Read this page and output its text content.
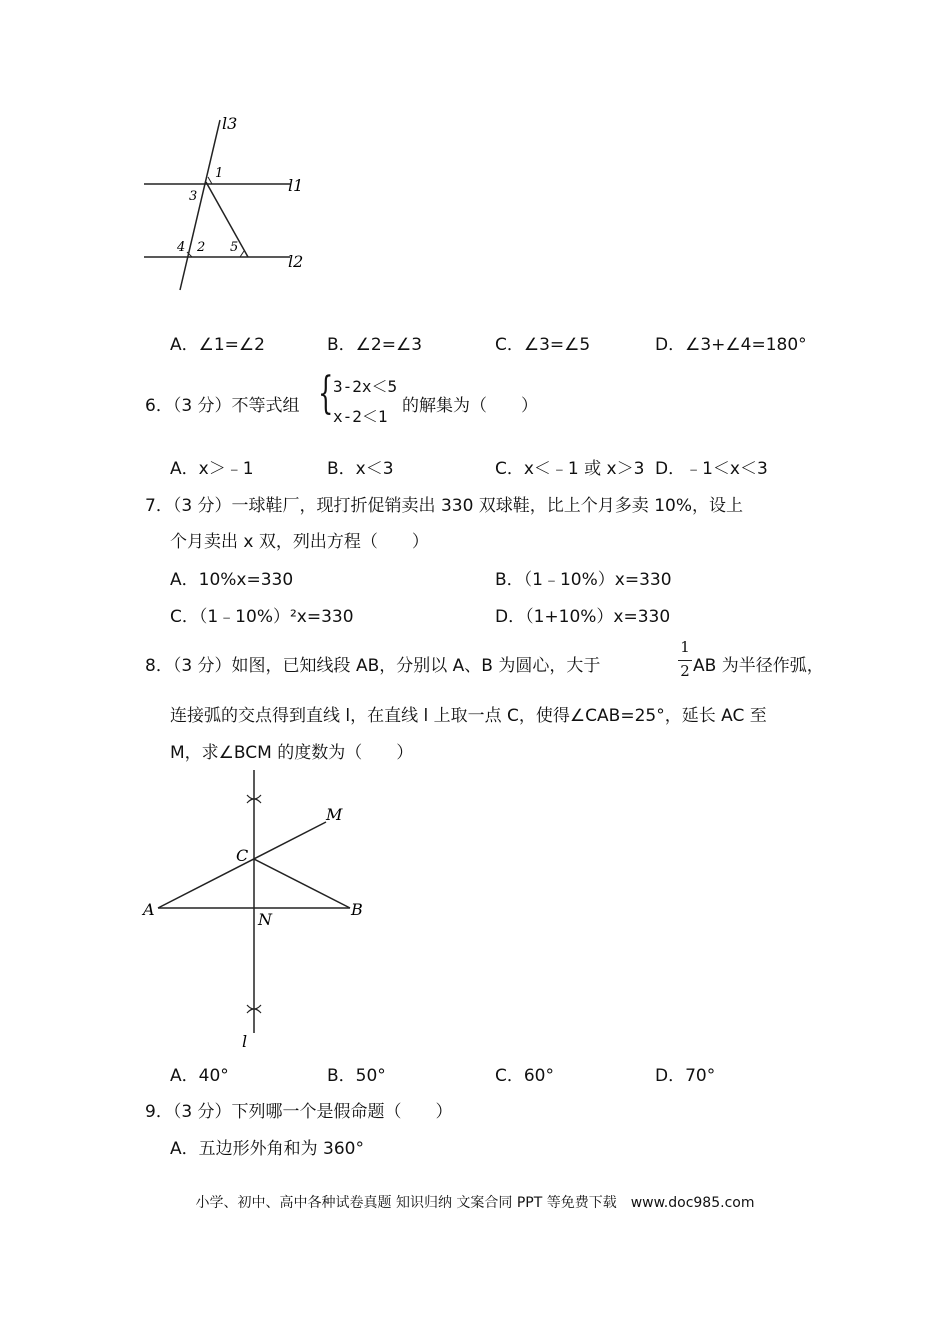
l3
l1
l2
1
3
4 2 5
A．∠1=∠2	B．∠2=∠3	C．∠3=∠5	D．∠3+∠4=180°
6．（3 分）不等式组 { 3-2x＜5
x-2＜1
的解集为（　　）
A．x＞﹣1	B．x＜3	C．x＜﹣1 或 x＞3 D．﹣1＜x＜3
7．（3 分）一球鞋厂，现打折促销卖出 330 双球鞋，比上个月多卖 10%，设上
个月卖出 x 双，列出方程（　　）
A．10%x=330	B．（1﹣10%）x=330
C．（1﹣10%）²x=330	D．（1+10%）x=330
8．（3 分）如图，已知线段 AB，分别以 A、B 为圆心，大于
1
2 AB 为半径作弧，
连接弧的交点得到直线 l，在直线 l 上取一点 C，使得∠CAB=25°，延长 AC 至
M，求∠BCM 的度数为（　　）
M
C
A
N
B
l
A．40°	B．50°	C．60°	D．70°
9．（3 分）下列哪一个是假命题（　　）
A．五边形外角和为 360°
小学、初中、高中各种试卷真题 知识归纳 文案合同 PPT 等免费下载　www.doc985.com
